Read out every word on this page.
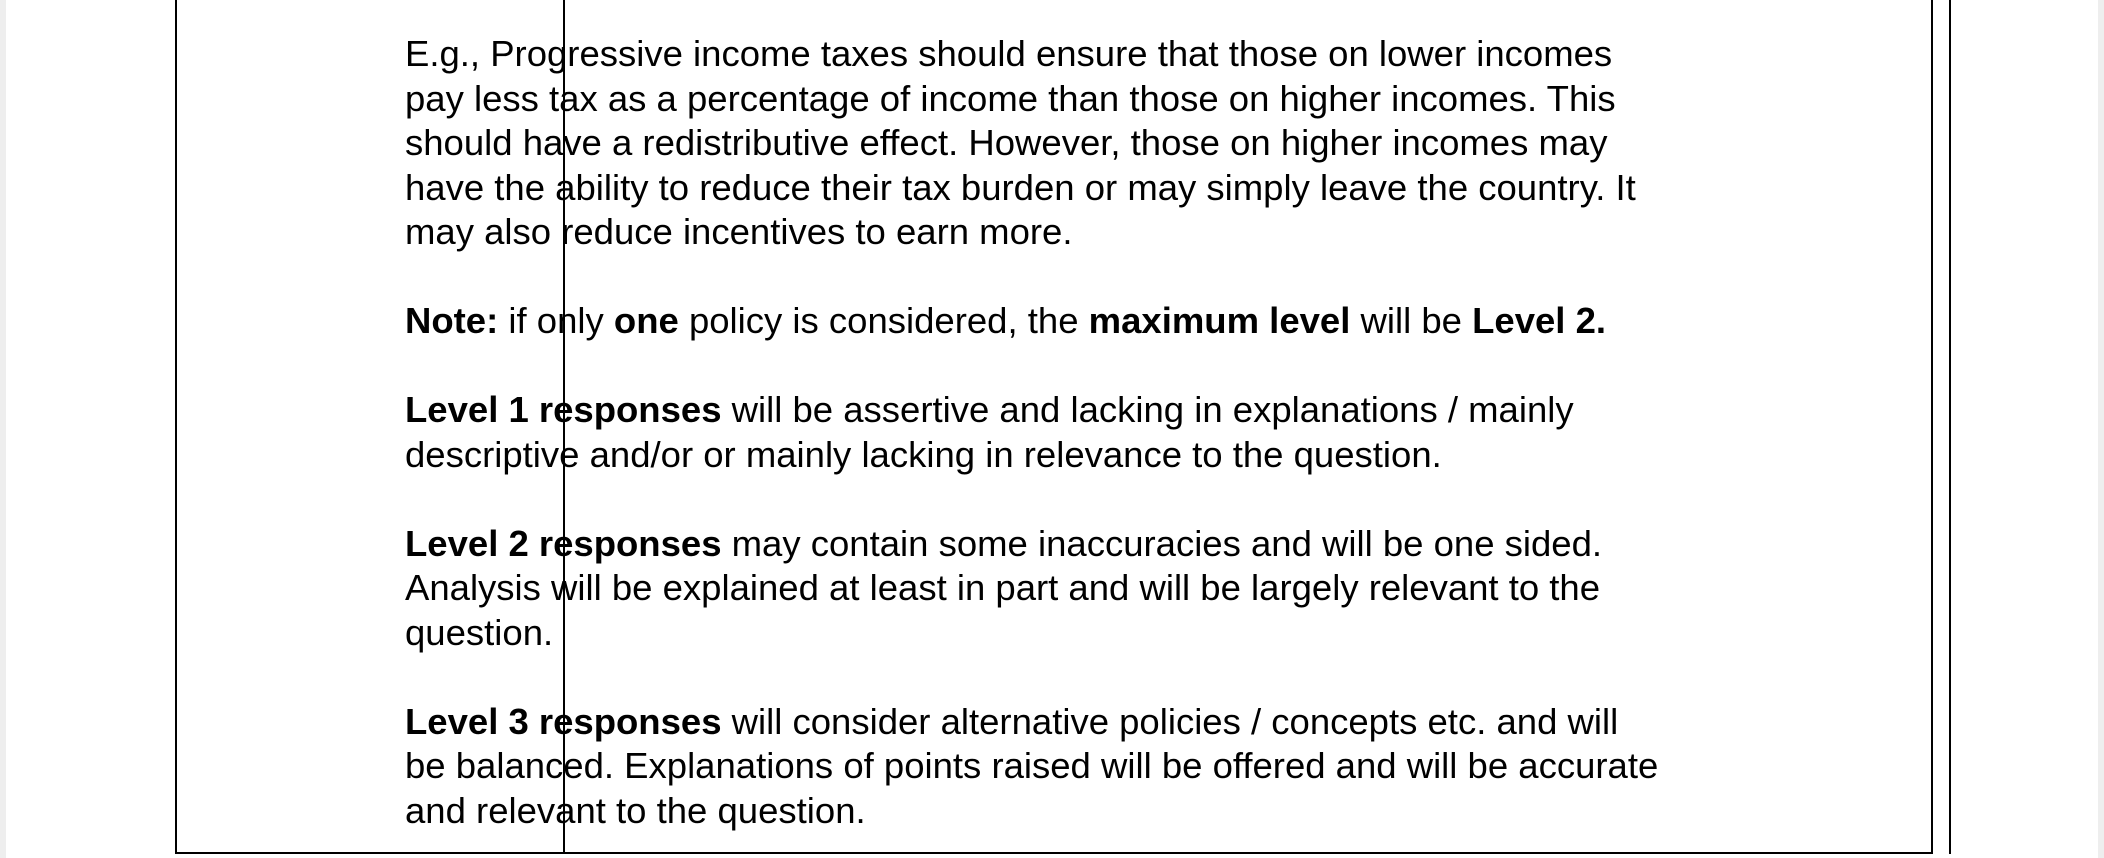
E.g., Progressive income taxes should ensure that those on lower incomes
pay less tax as a percentage of income than those on higher incomes. This
should have a redistributive effect. However, those on higher incomes may
have the ability to reduce their tax burden or may simply leave the country. It
may also reduce incentives to earn more.

Note: if only one policy is considered, the maximum level will be Level 2.

Level 1 responses will be assertive and lacking in explanations / mainly
descriptive and/or or mainly lacking in relevance to the question.

Level 2 responses may contain some inaccuracies and will be one sided.
Analysis will be explained at least in part and will be largely relevant to the
question.

Level 3 responses will consider alternative policies / concepts etc. and will
be balanced. Explanations of points raised will be offered and will be accurate
and relevant to the question.
